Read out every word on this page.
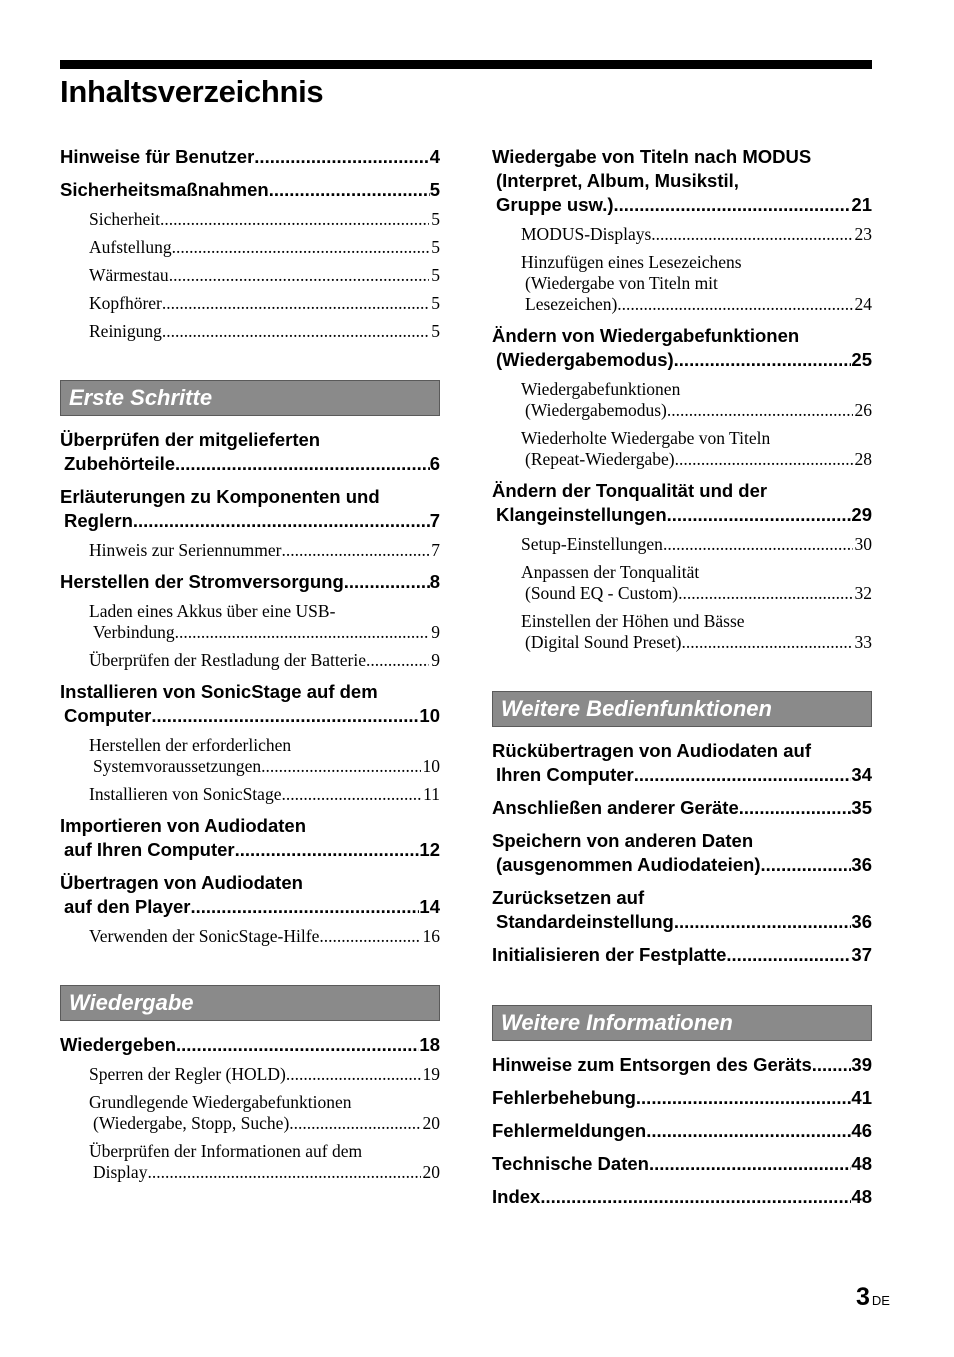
Inhaltsverzeichnis
Hinweise für Benutzer .....	4
Sicherheitsmaßnahmen .....	5
Sicherheit .....	5
Aufstellung .....	5
Wärmestau .....	5
Kopfhörer .....	5
Reinigung .....	5
Erste Schritte
Überprüfen der mitgelieferten
Zubehörteile .....	6
Erläuterungen zu Komponenten und
Reglern .....	7
Hinweis zur Seriennummer .....	7
Herstellen der Stromversorgung .....	8
Laden eines Akkus über eine USB-
Verbindung .....	9
Überprüfen der Restladung der Batterie .....	9
Installieren von SonicStage auf dem
Computer .....	10
Herstellen der erforderlichen
Systemvoraussetzungen .....	10
Installieren von SonicStage .....	11
Importieren von Audiodaten
auf Ihren Computer .....	12
Übertragen von Audiodaten
auf den Player .....	14
Verwenden der SonicStage-Hilfe .....	16
Wiedergabe
Wiedergeben .....	18
Sperren der Regler (HOLD) .....	19
Grundlegende Wiedergabefunktionen
(Wiedergabe, Stopp, Suche) .....	20
Überprüfen der Informationen auf dem
Display .....	20
Wiedergabe von Titeln nach MODUS
(Interpret, Album, Musikstil,
Gruppe usw.) .....	21
MODUS-Displays .....	23
Hinzufügen eines Lesezeichens
(Wiedergabe von Titeln mit
Lesezeichen) .....	24
Ändern von Wiedergabefunktionen
(Wiedergabemodus) .....	25
Wiedergabefunktionen
(Wiedergabemodus) .....	26
Wiederholte Wiedergabe von Titeln
(Repeat-Wiedergabe) .....	28
Ändern der Tonqualität und der
Klangeinstellungen .....	29
Setup-Einstellungen .....	30
Anpassen der Tonqualität
(Sound EQ - Custom) .....	32
Einstellen der Höhen und Bässe
(Digital Sound Preset) .....	33
Weitere Bedienfunktionen
Rückübertragen von Audiodaten auf
Ihren Computer .....	34
Anschließen anderer Geräte .....	35
Speichern von anderen Daten
(ausgenommen Audiodateien) .....	36
Zurücksetzen auf
Standardeinstellung .....	36
Initialisieren der Festplatte .....	37
Weitere Informationen
Hinweise zum Entsorgen des Geräts ..... 39
Fehlerbehebung .....	41
Fehlermeldungen .....	46
Technische Daten .....	48
Index .....	48
3 DE
